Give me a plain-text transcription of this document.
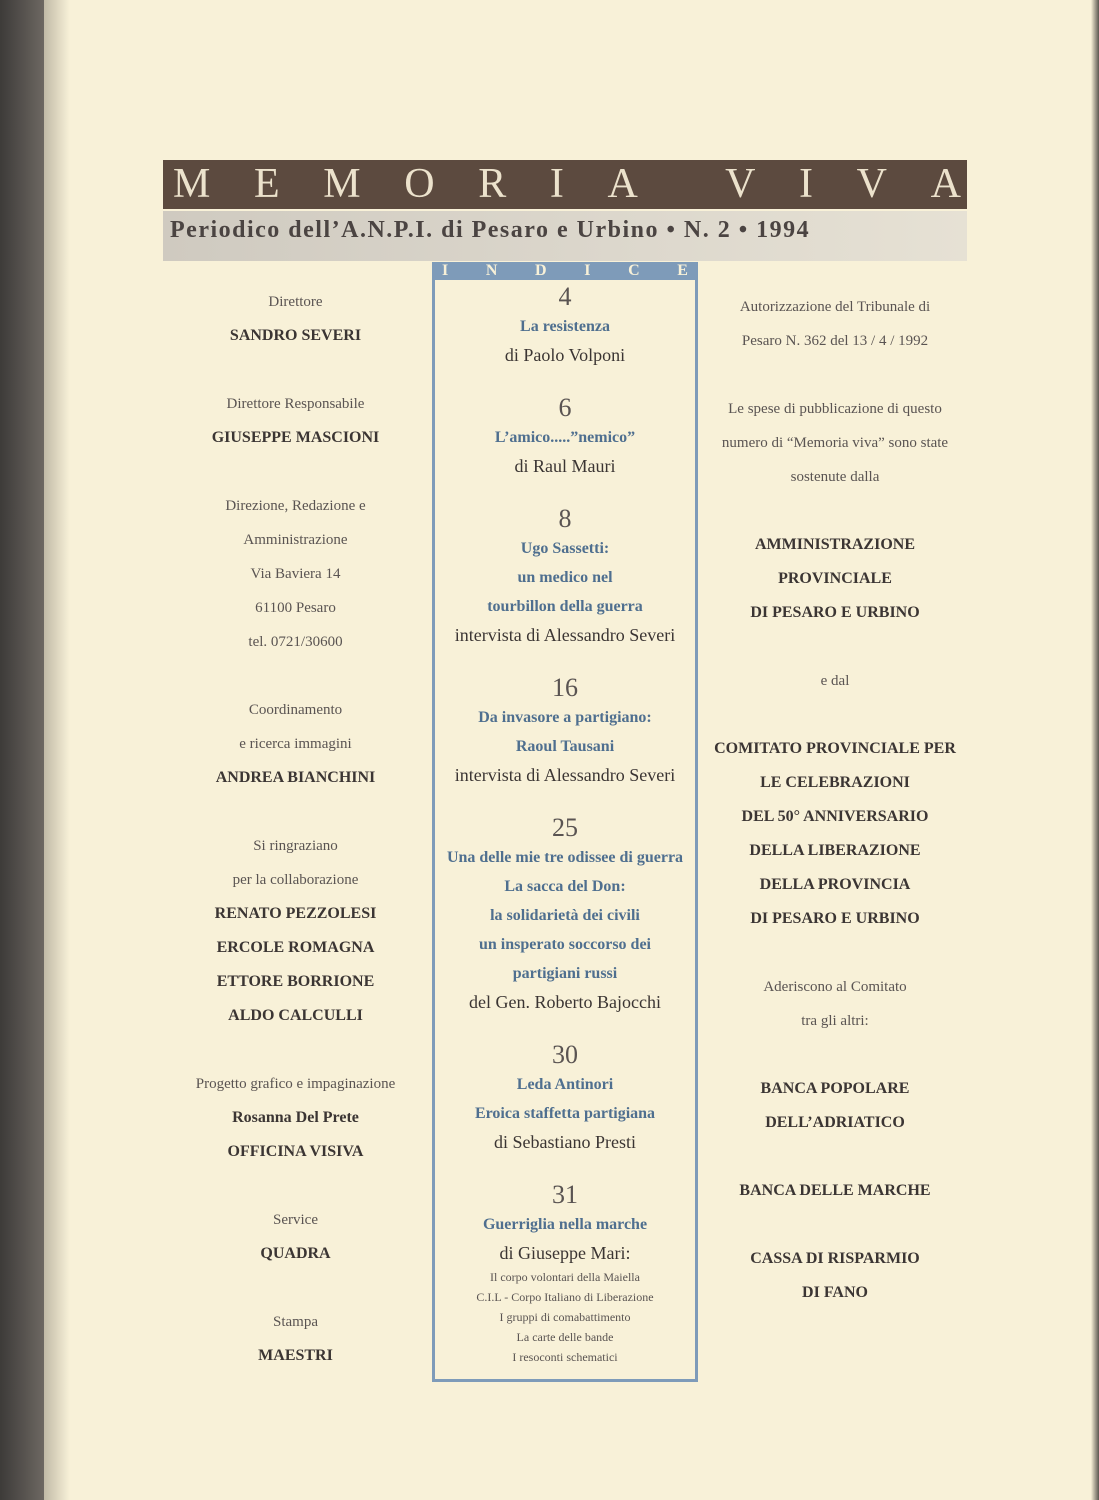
M E M O R I A V I V A
Periodico dell’A.N.P.I. di Pesaro e Urbino • N. 2 • 1994
Direttore
SANDRO SEVERI
Direttore Responsabile
GIUSEPPE MASCIONI
Direzione, Redazione e
Amministrazione
Via Baviera 14
61100 Pesaro
tel. 0721/30600
Coordinamento
e ricerca immagini
ANDREA BIANCHINI
Si ringraziano
per la collaborazione
RENATO PEZZOLESI
ERCOLE ROMAGNA
ETTORE BORRIONE
ALDO CALCULLI
Progetto grafico e impaginazione
Rosanna Del Prete
OFFICINA VISIVA
Service
QUADRA
Stampa
MAESTRI
I N D I C E
4
La resistenza
di Paolo Volponi
6
L’amico.....”nemico”
di Raul Mauri
8
Ugo Sassetti:
un medico nel
tourbillon della guerra
intervista di Alessandro Severi
16
Da invasore a partigiano:
Raoul Tausani
intervista di Alessandro Severi
25
Una delle mie tre odissee di guerra
La sacca del Don:
la solidarietà dei civili
un insperato soccorso dei
partigiani russi
del Gen. Roberto Bajocchi
30
Leda Antinori
Eroica staffetta partigiana
di Sebastiano Presti
31
Guerriglia nella marche
di Giuseppe Mari:
Il corpo volontari della Maiella
C.I.L - Corpo Italiano di Liberazione
I gruppi di comabattimento
La carte delle bande
I resoconti schematici
Autorizzazione del Tribunale di
Pesaro N. 362 del 13 / 4 / 1992
Le spese di pubblicazione di questo
numero di “Memoria viva” sono state
sostenute dalla
AMMINISTRAZIONE
PROVINCIALE
DI PESARO E URBINO
e dal
COMITATO PROVINCIALE PER
LE CELEBRAZIONI
DEL 50° ANNIVERSARIO
DELLA LIBERAZIONE
DELLA PROVINCIA
DI PESARO E URBINO
Aderiscono al Comitato
tra gli altri:
BANCA POPOLARE
DELL’ADRIATICO
BANCA DELLE MARCHE
CASSA DI RISPARMIO
DI FANO
